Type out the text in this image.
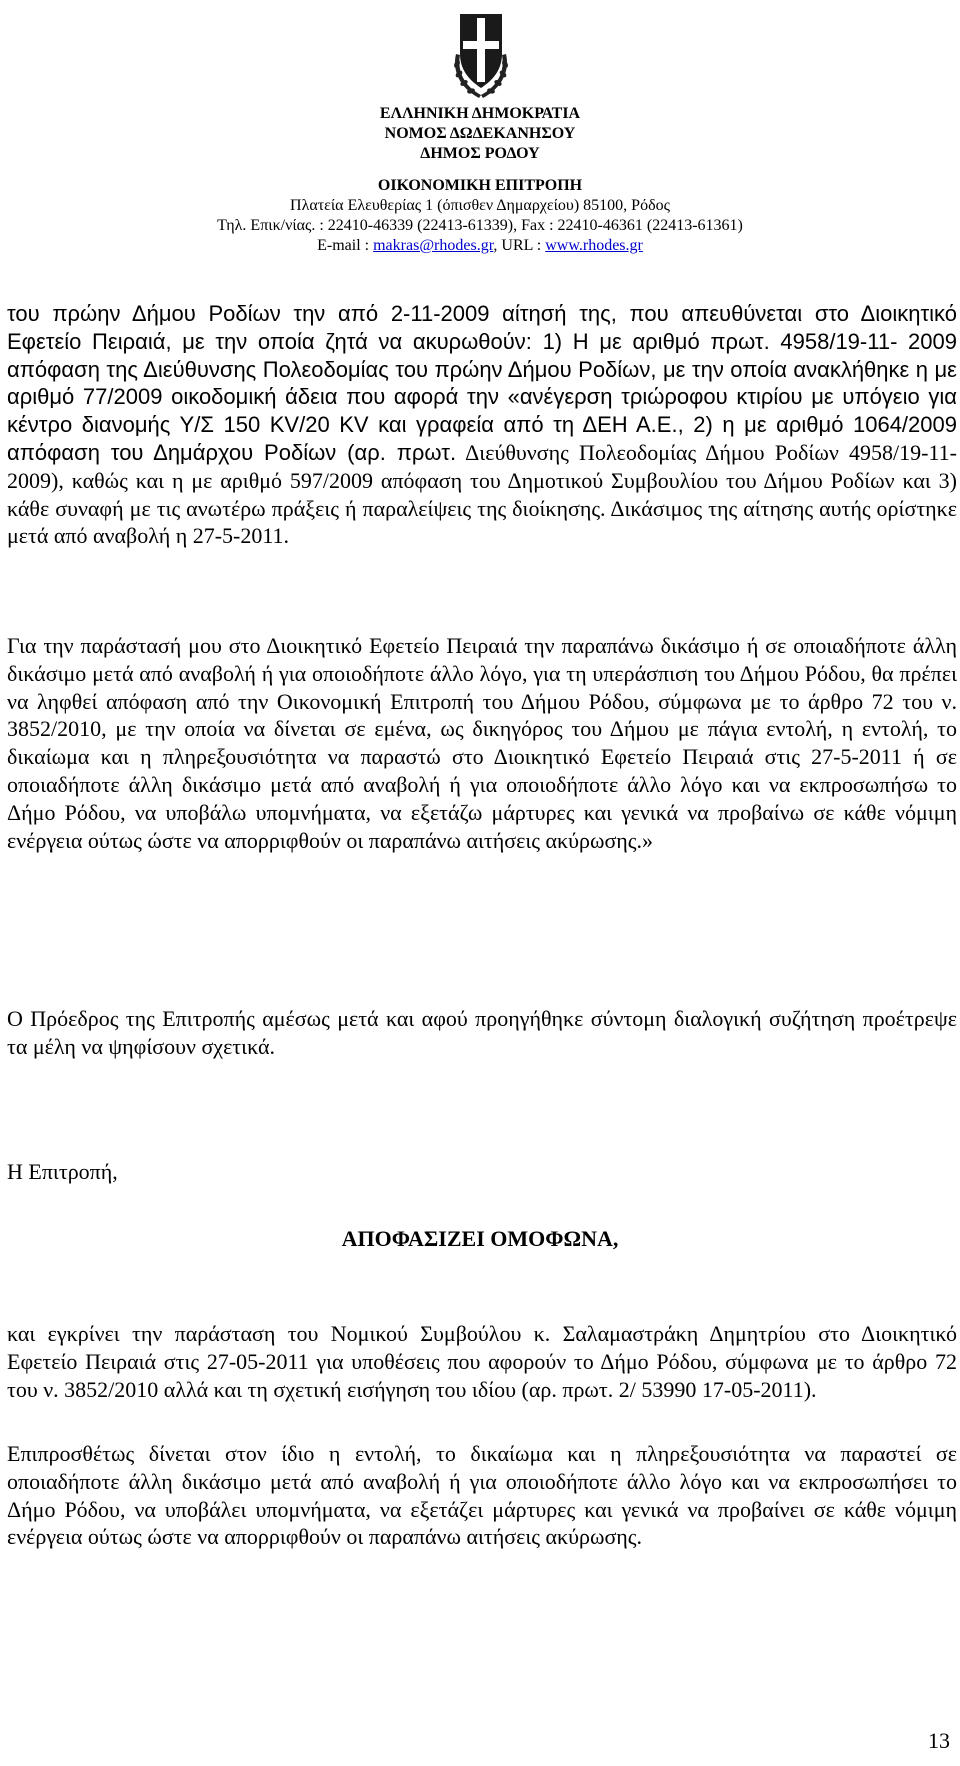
ΕΛΛΗΝΙΚΗ ΔΗΜΟΚΡΑΤΙΑ
ΝΟΜΟΣ ΔΩΔΕΚΑΝΗΣΟΥ
ΔΗΜΟΣ ΡΟΔΟΥ
ΟΙΚΟΝΟΜΙΚΗ ΕΠΙΤΡΟΠΗ
Πλατεία Ελευθερίας 1 (όπισθεν Δημαρχείου) 85100, Ρόδος
Τηλ. Επικ/νίας. : 22410-46339 (22413-61339), Fax : 22410-46361 (22413-61361)
E-mail : makras@rhodes.gr, URL : www.rhodes.gr

του πρώην Δήμου Ροδίων την από 2-11-2009 αίτησή της, που απευθύνεται στο Διοικητικό Εφετείο Πειραιά, με την οποία ζητά να ακυρωθούν: 1) Η με αριθμό πρωτ. 4958/19-11- 2009 απόφαση της Διεύθυνσης Πολεοδομίας του πρώην Δήμου Ροδίων, με την οποία ανακλήθηκε η με αριθμό 77/2009 οικοδομική άδεια που αφορά την «ανέγερση τριώροφου κτιρίου με υπόγειο για κέντρο διανομής Υ/Σ 150 KV/20 KV και γραφεία από τη ΔΕΗ Α.Ε., 2) η με αριθμό 1064/2009 απόφαση του Δημάρχου Ροδίων (αρ. πρωτ. Διεύθυνσης Πολεοδομίας Δήμου Ροδίων 4958/19-11-2009), καθώς και η με αριθμό 597/2009 απόφαση του Δημοτικού Συμβουλίου του Δήμου Ροδίων και 3) κάθε συναφή με τις ανωτέρω πράξεις ή παραλείψεις της διοίκησης. Δικάσιμος της αίτησης αυτής ορίστηκε μετά από αναβολή η 27-5-2011.

Για την παράστασή μου στο Διοικητικό Εφετείο Πειραιά την παραπάνω δικάσιμο ή σε οποιαδήποτε άλλη δικάσιμο μετά από αναβολή ή για οποιοδήποτε άλλο λόγο, για τη υπεράσπιση του Δήμου Ρόδου, θα πρέπει να ληφθεί απόφαση από την Οικονομική Επιτροπή του Δήμου Ρόδου, σύμφωνα με το άρθρο 72 του ν. 3852/2010, με την οποία να δίνεται σε εμένα, ως δικηγόρος του Δήμου με πάγια εντολή, η εντολή, το δικαίωμα και η πληρεξουσιότητα να παραστώ στο Διοικητικό Εφετείο Πειραιά στις 27-5-2011 ή σε οποιαδήποτε άλλη δικάσιμο μετά από αναβολή ή για οποιοδήποτε άλλο λόγο και να εκπροσωπήσω το Δήμο Ρόδου, να υποβάλω υπομνήματα, να εξετάζω μάρτυρες και γενικά να προβαίνω σε κάθε νόμιμη ενέργεια ούτως ώστε να απορριφθούν οι παραπάνω αιτήσεις ακύρωσης.»

Ο Πρόεδρος της Επιτροπής αμέσως μετά και αφού προηγήθηκε σύντομη διαλογική συζήτηση προέτρεψε τα μέλη να ψηφίσουν σχετικά.

Η Επιτροπή,

ΑΠΟΦΑΣΙΖΕΙ ΟΜΟΦΩΝΑ,

και εγκρίνει την παράσταση του Νομικού Συμβούλου κ. Σαλαμαστράκη Δημητρίου στο Διοικητικό Εφετείο Πειραιά στις 27-05-2011 για υποθέσεις που αφορούν το Δήμο Ρόδου, σύμφωνα με το άρθρο 72 του ν. 3852/2010 αλλά και τη σχετική εισήγηση του ιδίου (αρ. πρωτ. 2/ 53990 17-05-2011).

Επιπροσθέτως δίνεται στον ίδιο η εντολή, το δικαίωμα και η πληρεξουσιότητα να παραστεί σε οποιαδήποτε άλλη δικάσιμο μετά από αναβολή ή για οποιοδήποτε άλλο λόγο και να εκπροσωπήσει το Δήμο Ρόδου, να υποβάλει υπομνήματα, να εξετάζει μάρτυρες και γενικά να προβαίνει σε κάθε νόμιμη ενέργεια ούτως ώστε να απορριφθούν οι παραπάνω αιτήσεις ακύρωσης.

13
